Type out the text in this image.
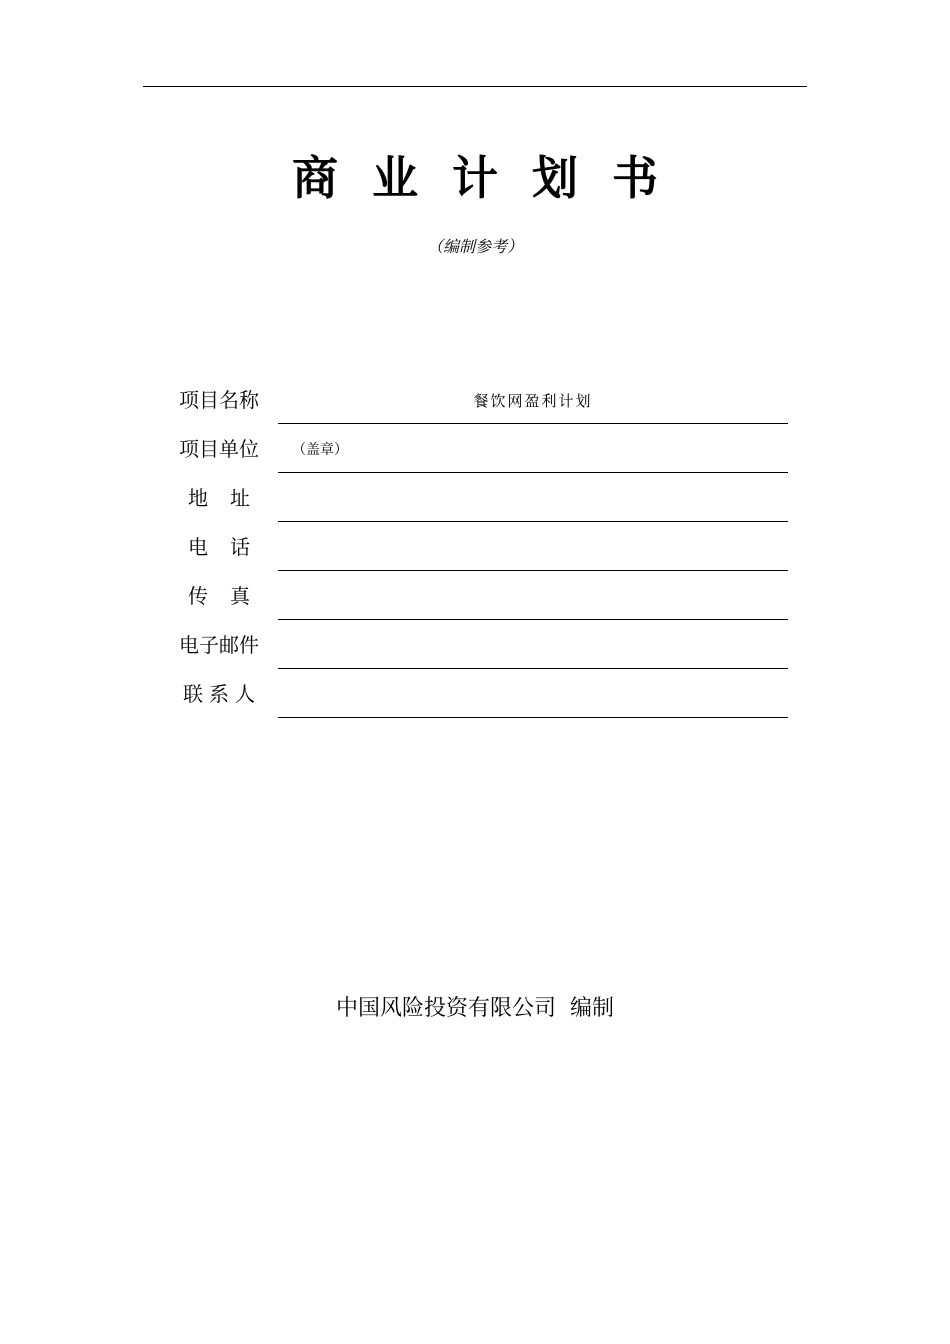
商业计划书
（编制参考）
项目名称	餐饮网盈利计划
项目单位	（盖章）
地址
电话
传真
电子邮件
联系人
中国风险投资有限公司  编制
